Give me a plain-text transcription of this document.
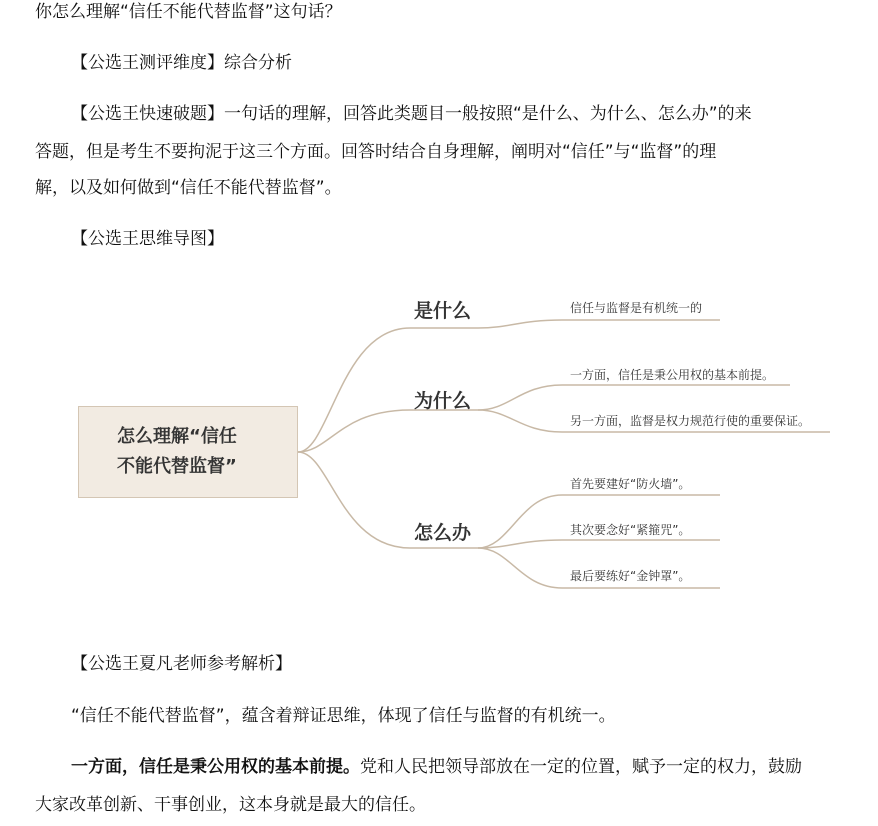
你怎么理解“信任不能代替监督”这句话？
【公选王测评维度】综合分析
【公选王快速破题】一句话的理解，回答此类题目一般按照“是什么、为什么、怎么办”的来
答题，但是考生不要拘泥于这三个方面。回答时结合自身理解，阐明对“信任”与“监督”的理
解，以及如何做到“信任不能代替监督”。
【公选王思维导图】
怎么理解“信任
不能代替监督”
是什么
为什么
怎么办
信任与监督是有机统一的
一方面，信任是秉公用权的基本前提。
另一方面，监督是权力规范行使的重要保证。
首先要建好“防火墙”。
其次要念好“紧箍咒”。
最后要练好“金钟罩”。
【公选王夏凡老师参考解析】
“信任不能代替监督”，蕴含着辩证思维，体现了信任与监督的有机统一。
一方面，信任是秉公用权的基本前提。党和人民把领导部放在一定的位置，赋予一定的权力，鼓励
大家改革创新、干事创业，这本身就是最大的信任。
